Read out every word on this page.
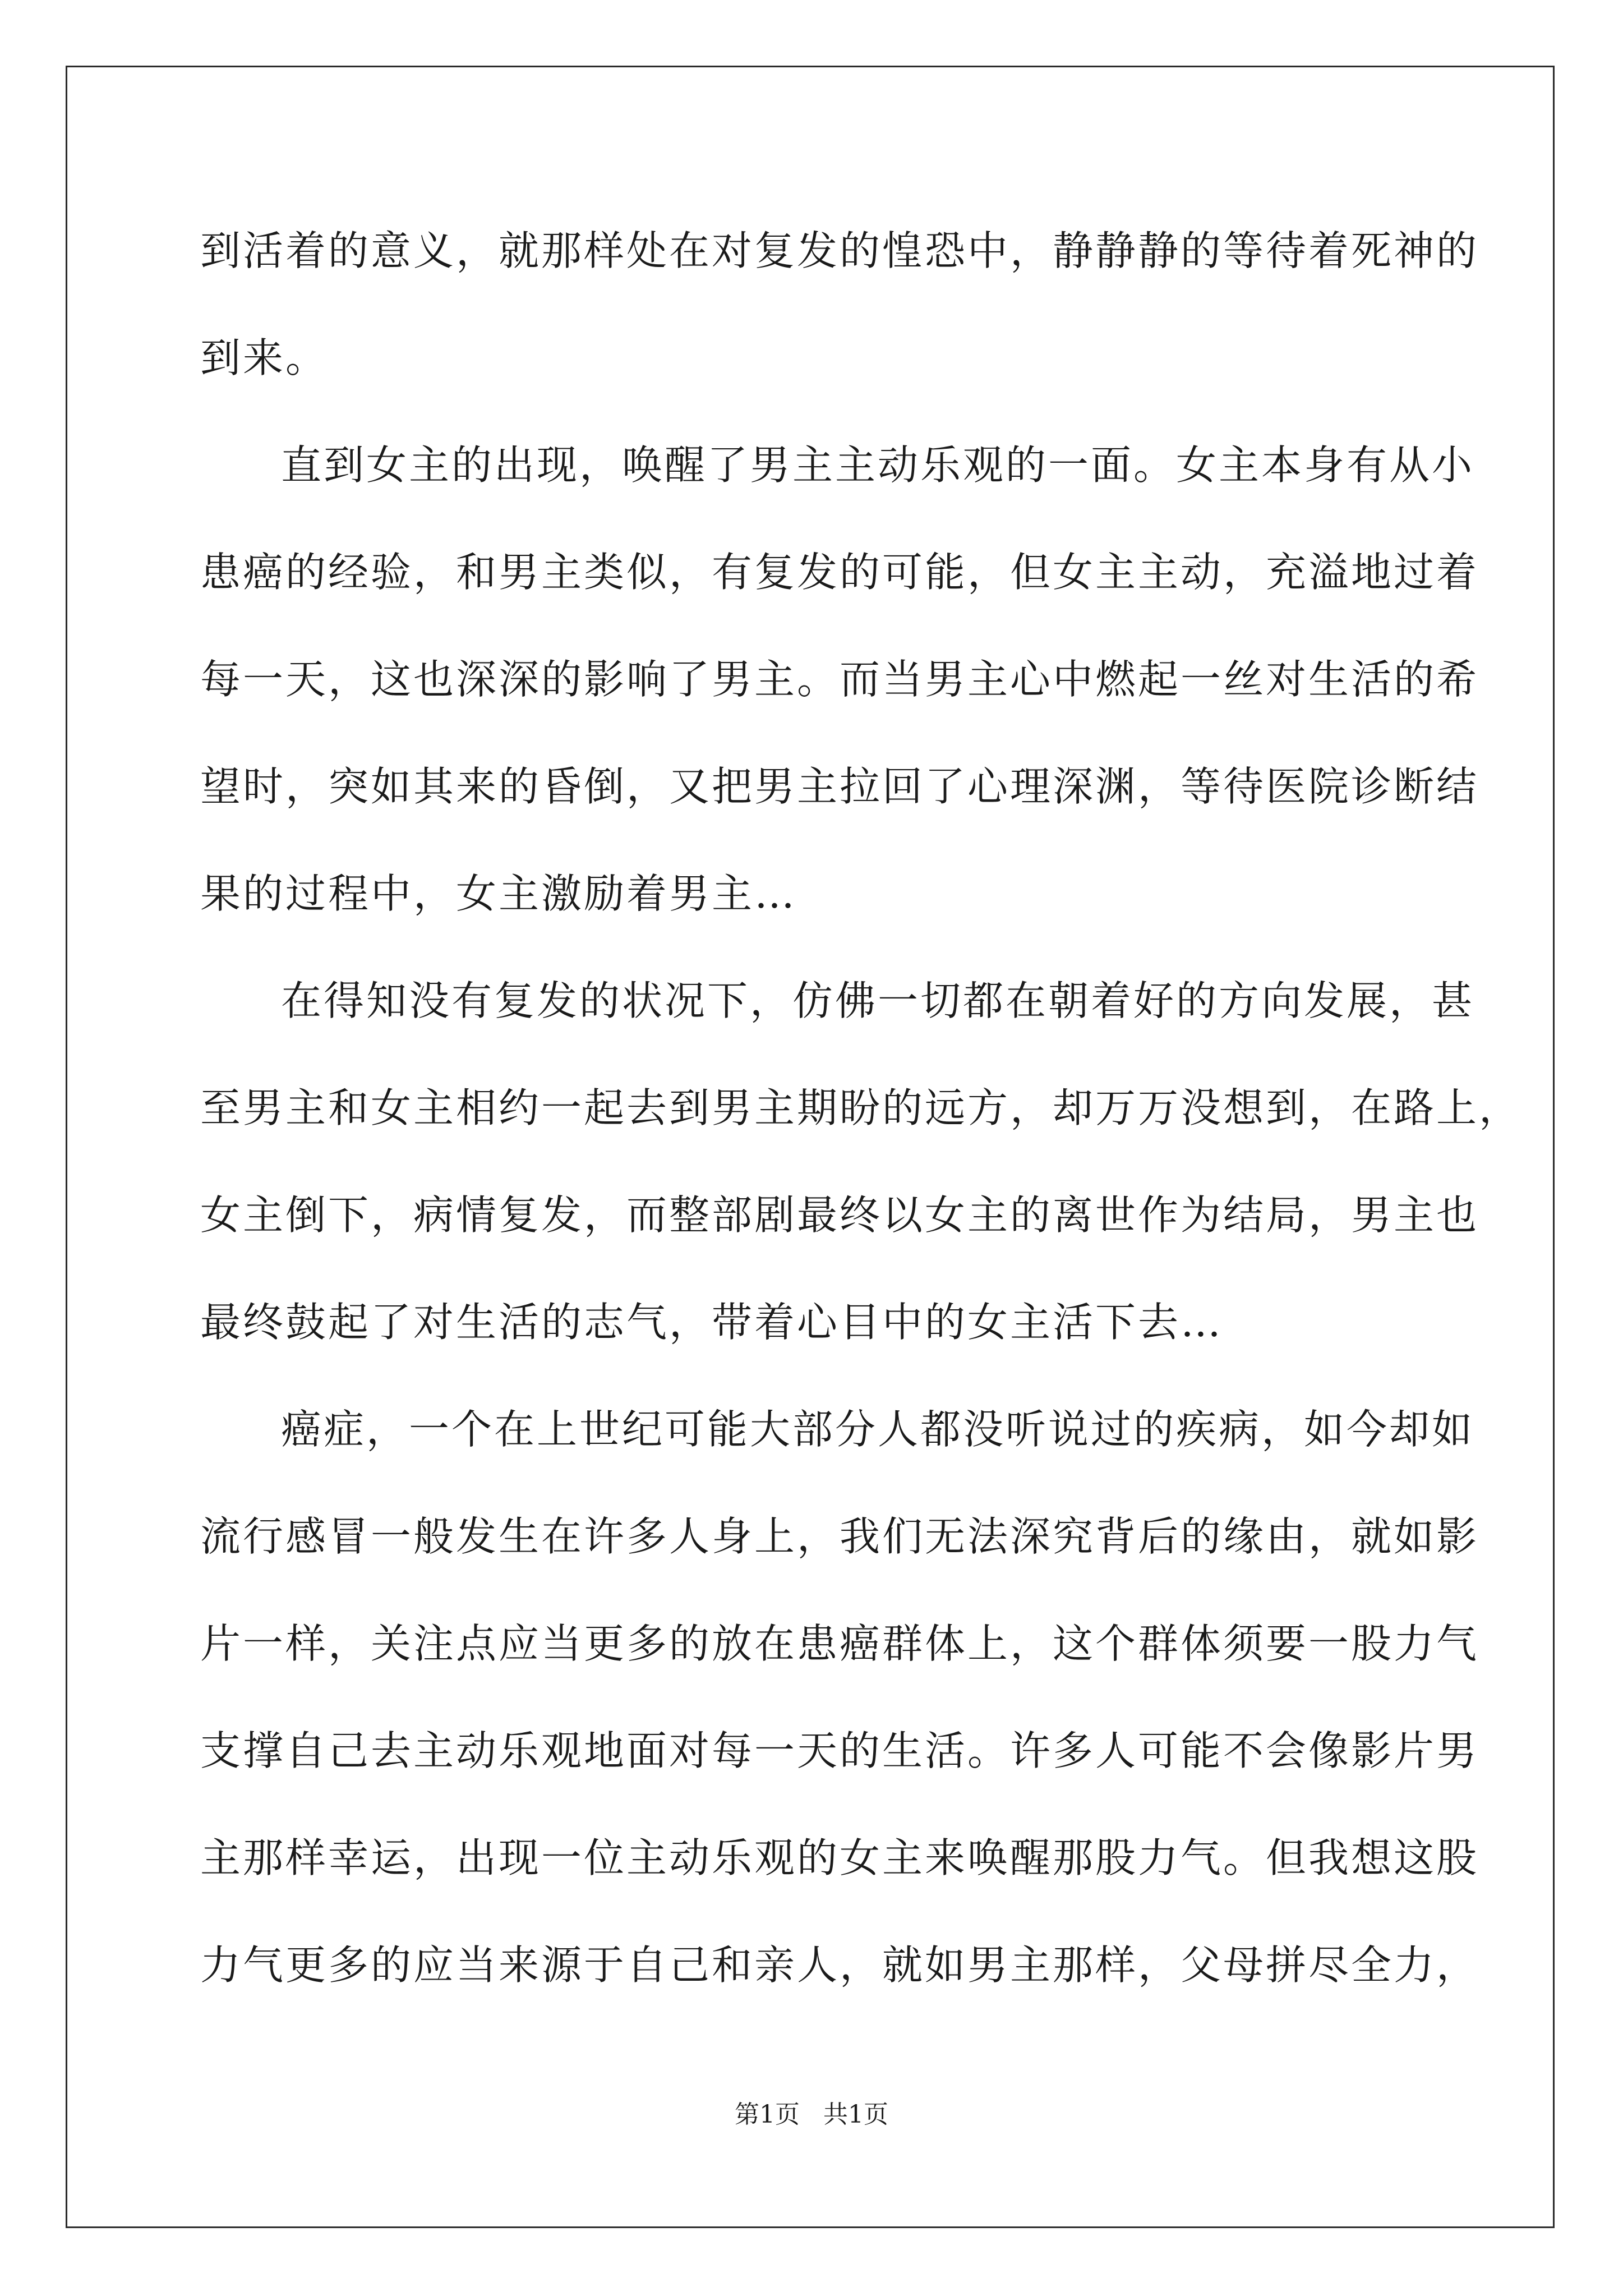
到活着的意义，就那样处在对复发的惶恐中，静静静的等待着死神的
到来。
直到女主的出现，唤醒了男主主动乐观的一面。女主本身有从小
患癌的经验，和男主类似，有复发的可能，但女主主动，充溢地过着
每一天，这也深深的影响了男主。而当男主心中燃起一丝对生活的希
望时，突如其来的昏倒，又把男主拉回了心理深渊，等待医院诊断结
果的过程中，女主激励着男主…
在得知没有复发的状况下，仿佛一切都在朝着好的方向发展，甚
至男主和女主相约一起去到男主期盼的远方，却万万没想到，在路上，
女主倒下，病情复发，而整部剧最终以女主的离世作为结局，男主也
最终鼓起了对生活的志气，带着心目中的女主活下去…
癌症，一个在上世纪可能大部分人都没听说过的疾病，如今却如
流行感冒一般发生在许多人身上，我们无法深究背后的缘由，就如影
片一样，关注点应当更多的放在患癌群体上，这个群体须要一股力气
支撑自己去主动乐观地面对每一天的生活。许多人可能不会像影片男
主那样幸运，出现一位主动乐观的女主来唤醒那股力气。但我想这股
力气更多的应当来源于自己和亲人，就如男主那样，父母拼尽全力，
第1页   共1页
